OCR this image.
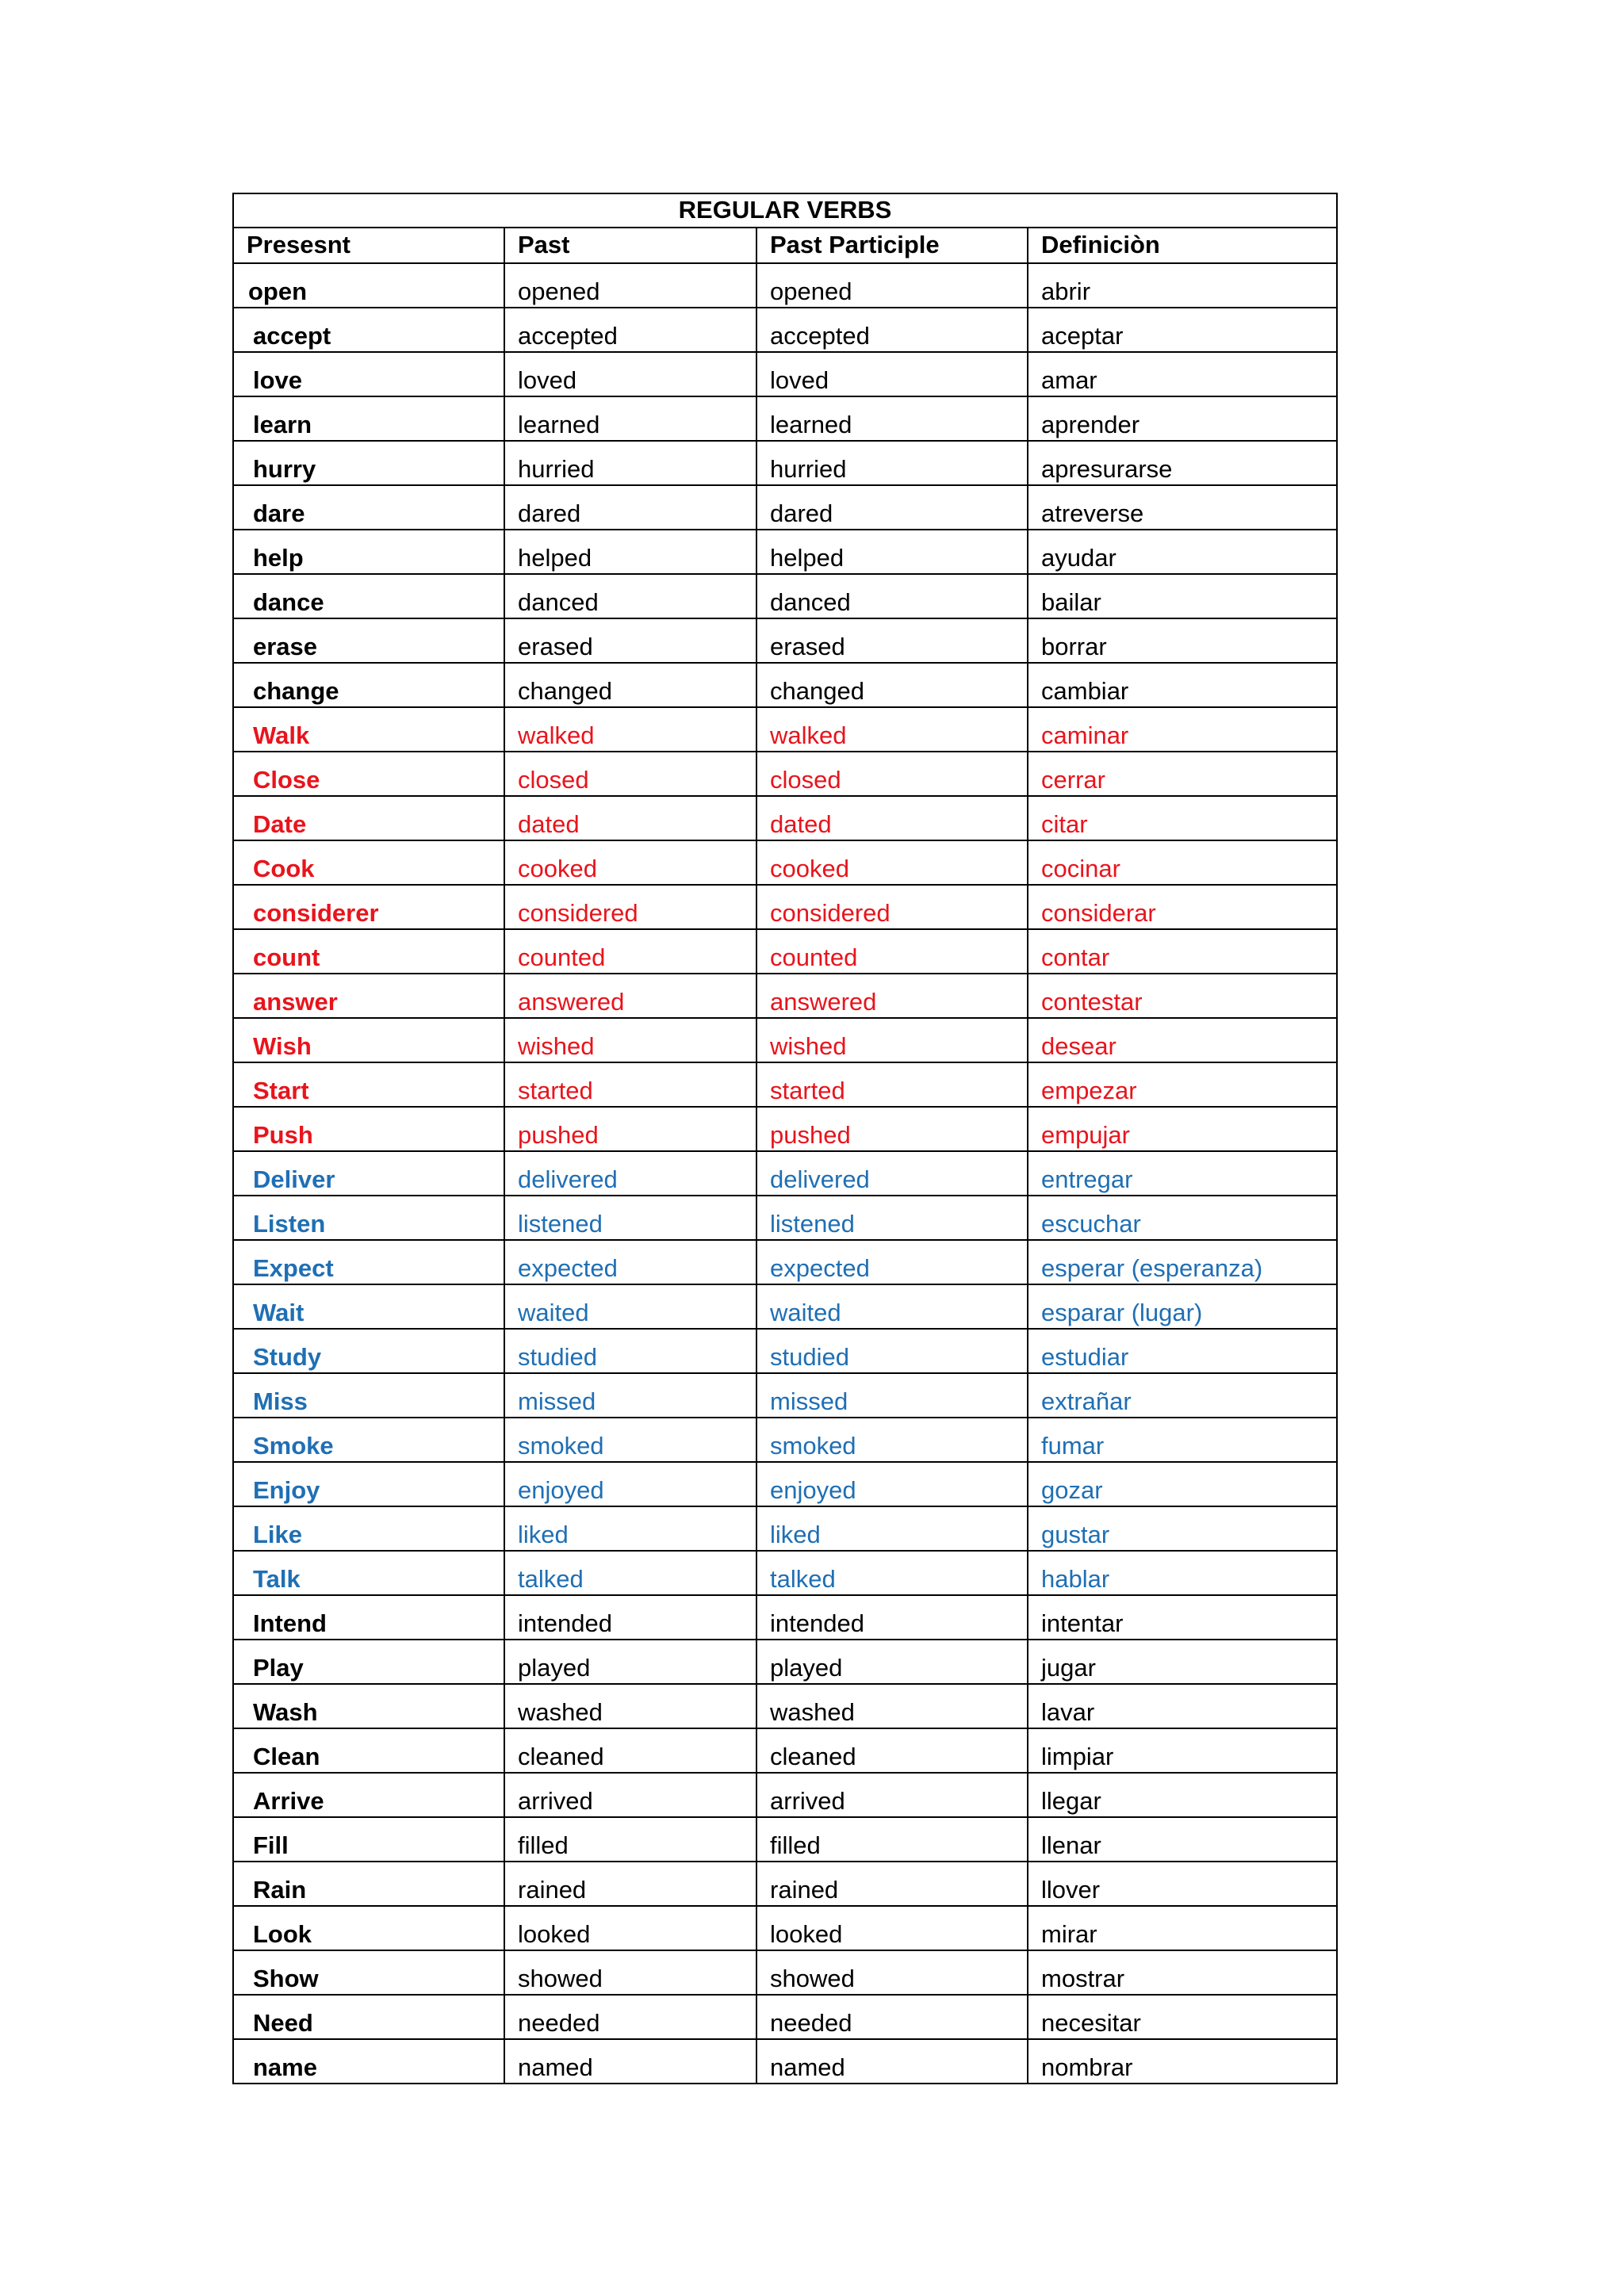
REGULAR VERBS			
Presesnt	Past	Past Participle	Definiciòn
open	opened	opened	abrir
accept	accepted	accepted	aceptar
love	loved	loved	amar
learn	learned	learned	aprender
hurry	hurried	hurried	apresurarse
dare	dared	dared	atreverse
help	helped	helped	ayudar
dance	danced	danced	bailar
erase	erased	erased	borrar
change	changed	changed	cambiar
Walk	walked	walked	caminar
Close	closed	closed	cerrar
Date	dated	dated	citar
Cook	cooked	cooked	cocinar
considerer	considered	considered	considerar
count	counted	counted	contar
answer	answered	answered	contestar
Wish	wished	wished	desear
Start	started	started	empezar
Push	pushed	pushed	empujar
Deliver	delivered	delivered	entregar
Listen	listened	listened	escuchar
Expect	expected	expected	esperar (esperanza)
Wait	waited	waited	esparar (lugar)
Study	studied	studied	estudiar
Miss	missed	missed	extrañar
Smoke	smoked	smoked	fumar
Enjoy	enjoyed	enjoyed	gozar
Like	liked	liked	gustar
Talk	talked	talked	hablar
Intend	intended	intended	intentar
Play	played	played	jugar
Wash	washed	washed	lavar
Clean	cleaned	cleaned	limpiar
Arrive	arrived	arrived	llegar
Fill	filled	filled	llenar
Rain	rained	rained	llover
Look	looked	looked	mirar
Show	showed	showed	mostrar
Need	needed	needed	necesitar
name	named	named	nombrar
